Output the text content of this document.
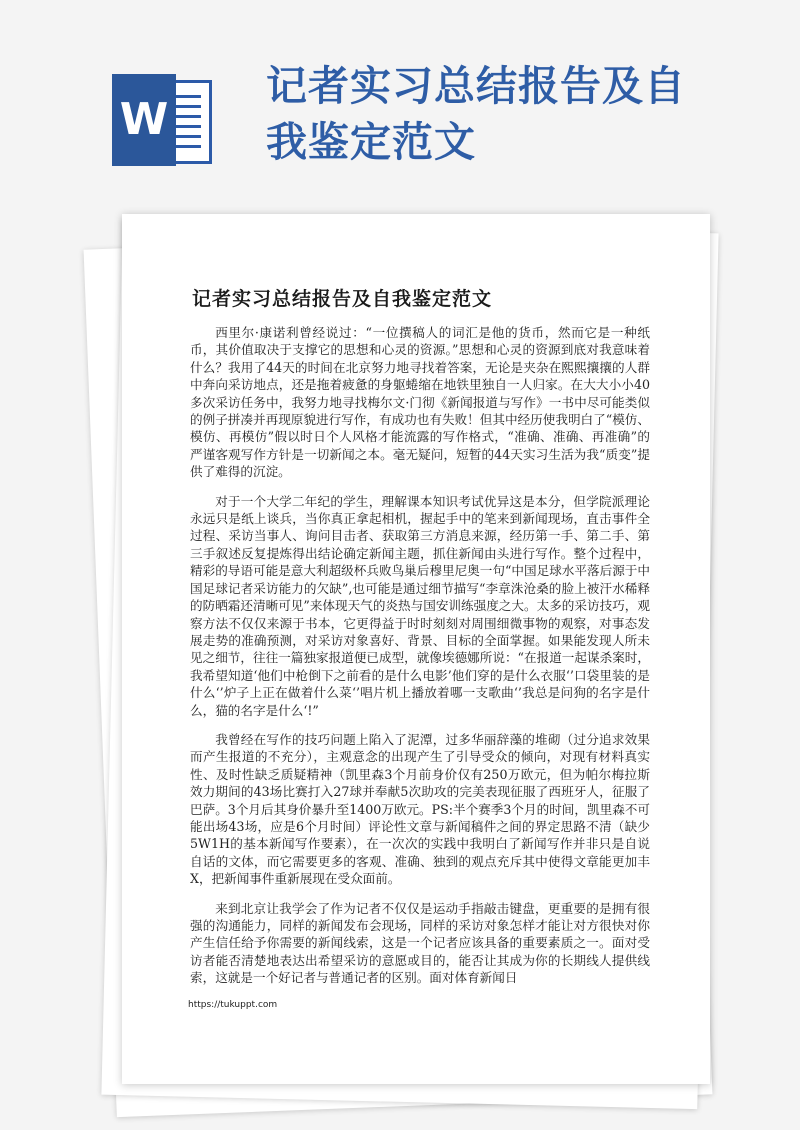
W
记者实习总结报告及自我鉴定范文
记者实习总结报告及自我鉴定范文

西里尔·康诺利曾经说过：“一位撰稿人的词汇是他的货币，然而它是一种纸币，其价值取决于支撑它的思想和心灵的资源。”思想和心灵的资源到底对我意味着什么？我用了44天的时间在北京努力地寻找着答案，无论是夹杂在熙熙攘攘的人群中奔向采访地点，还是拖着疲惫的身躯蜷缩在地铁里独自一人归家。在大大小小40多次采访任务中，我努力地寻找梅尔文·门彻《新闻报道与写作》一书中尽可能类似的例子拼凑并再现原貌进行写作，有成功也有失败！但其中经历使我明白了“模仿、模仿、再模仿”假以时日个人风格才能流露的写作格式，“准确、准确、再准确”的严谨客观写作方针是一切新闻之本。毫无疑问，短暂的44天实习生活为我“质变”提供了难得的沉淀。

对于一个大学二年纪的学生，理解课本知识考试优异这是本分，但学院派理论永远只是纸上谈兵，当你真正拿起相机，握起手中的笔来到新闻现场，直击事件全过程、采访当事人、询问目击者、获取第三方消息来源，经历第一手、第二手、第三手叙述反复提炼得出结论确定新闻主题，抓住新闻由头进行写作。整个过程中，精彩的导语可能是意大利超级杯兵败鸟巢后穆里尼奥一句“中国足球水平落后源于中国足球记者采访能力的欠缺”,也可能是通过细节描写“李章洙沧桑的脸上被汗水稀释的防晒霜还清晰可见”来体现天气的炎热与国安训练强度之大。太多的采访技巧，观察方法不仅仅来源于书本，它更得益于时时刻刻对周围细微事物的观察，对事态发展走势的准确预测，对采访对象喜好、背景、目标的全面掌握。如果能发现人所未见之细节，往往一篇独家报道便已成型，就像埃德娜所说：“在报道一起谋杀案时，我希望知道‘他们中枪倒下之前看的是什么电影’他们穿的是什么衣服‘’口袋里装的是什么‘’炉子上正在做着什么菜‘’唱片机上播放着哪一支歌曲‘’我总是问狗的名字是什么，猫的名字是什么‘!”

我曾经在写作的技巧问题上陷入了泥潭，过多华丽辞藻的堆砌（过分追求效果而产生报道的不充分），主观意念的出现产生了引导受众的倾向，对现有材料真实性、及时性缺乏质疑精神（凯里森3个月前身价仅有250万欧元，但为帕尔梅拉斯效力期间的43场比赛打入27球并奉献5次助攻的完美表现征服了西班牙人，征服了巴萨。3个月后其身价暴升至1400万欧元。PS:半个赛季3个月的时间，凯里森不可能出场43场，应是6个月时间）评论性文章与新闻稿件之间的界定思路不清（缺少5W1H的基本新闻写作要素），在一次次的实践中我明白了新闻写作并非只是自说自话的文体，而它需要更多的客观、准确、独到的观点充斥其中使得文章能更加丰X，把新闻事件重新展现在受众面前。

来到北京让我学会了作为记者不仅仅是运动手指敲击键盘，更重要的是拥有很强的沟通能力，同样的新闻发布会现场，同样的采访对象怎样才能让对方很快对你产生信任给予你需要的新闻线索，这是一个记者应该具备的重要素质之一。面对受访者能否清楚地表达出希望采访的意愿或目的，能否让其成为你的长期线人提供线索，这就是一个好记者与普通记者的区别。面对体育新闻日

https://tukuppt.com
